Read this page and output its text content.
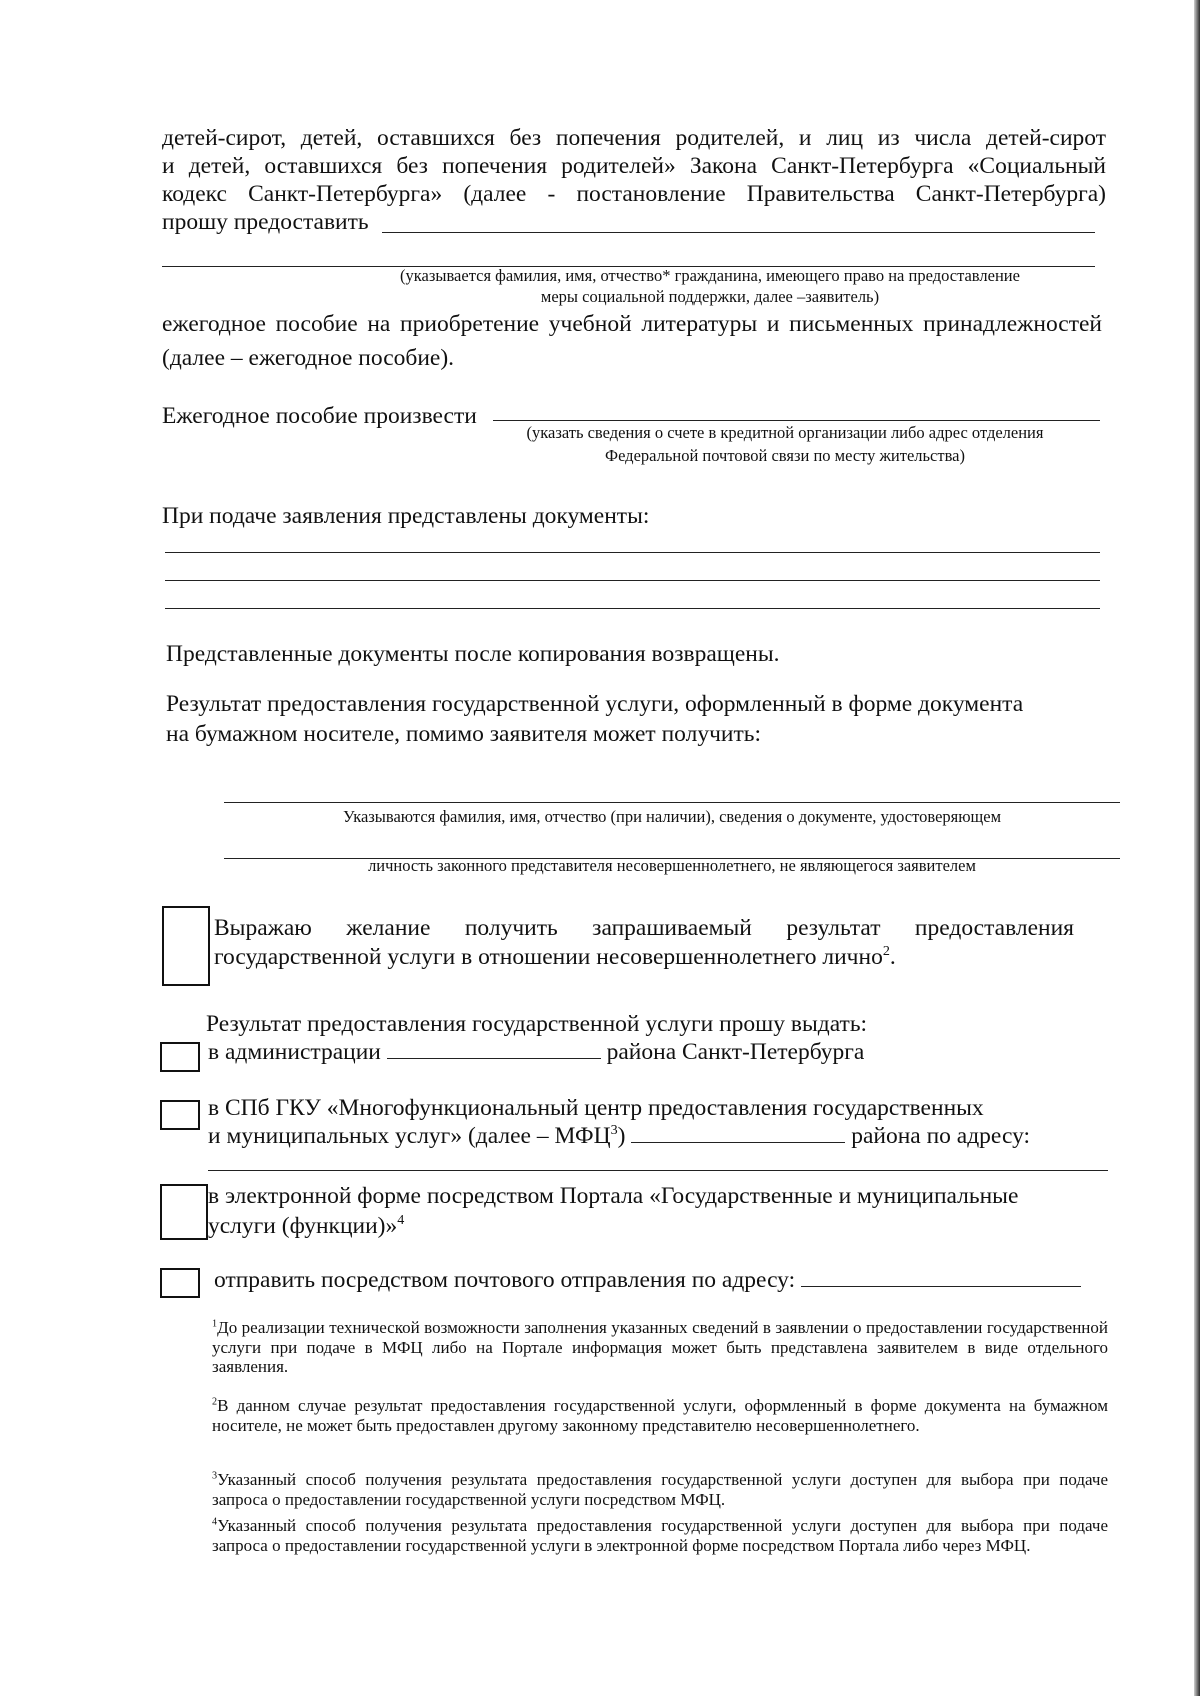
детей-сирот, детей, оставшихся без попечения родителей, и лиц из числа детей-сирот
и детей, оставшихся без попечения родителей» Закона Санкт-Петербурга «Социальный
кодекс Санкт-Петербурга» (далее - постановление Правительства Санкт-Петербурга)
прошу предоставить
(указывается фамилия, имя, отчество* гражданина, имеющего право на предоставление
меры социальной поддержки, далее –заявитель)
ежегодное пособие на приобретение учебной литературы и письменных принадлежностей
(далее – ежегодное пособие).
Ежегодное пособие произвести
(указать сведения о счете в кредитной организации либо адрес отделения
Федеральной почтовой связи по месту жительства)
При подаче заявления представлены документы:
Представленные документы после копирования возвращены.
Результат предоставления государственной услуги, оформленный в форме документа
на бумажном носителе, помимо заявителя может получить:
Указываются фамилия, имя, отчество (при наличии), сведения о документе, удостоверяющем
личность законного представителя несовершеннолетнего, не являющегося заявителем
Выражаю желание получить запрашиваемый результат предоставления
государственной услуги в отношении несовершеннолетнего лично$^2$.
Результат предоставления государственной услуги прошу выдать:
в администрации	района Санкт-Петербурга
в СПб ГКУ «Многофункциональный центр предоставления государственных
и муниципальных услуг» (далее – МФЦ$^3$)	района по адресу:
в электронной форме посредством Портала «Государственные и муниципальные
услуги (функции)»$^4$
отправить посредством почтового отправления по адресу:
$^1$До реализации технической возможности заполнения указанных сведений в заявлении о предоставлении государственной услуги при подаче в МФЦ либо на Портале информация может быть представлена заявителем в виде отдельного заявления.
$^2$В данном случае результат предоставления государственной услуги, оформленный в форме документа на бумажном носителе, не может быть предоставлен другому законному представителю несовершеннолетнего.
$^3$Указанный способ получения результата предоставления государственной услуги доступен для выбора при подаче запроса о предоставлении государственной услуги посредством МФЦ.
$^4$Указанный способ получения результата предоставления государственной услуги доступен для выбора при подаче запроса о предоставлении государственной услуги в электронной форме посредством Портала либо через МФЦ.
